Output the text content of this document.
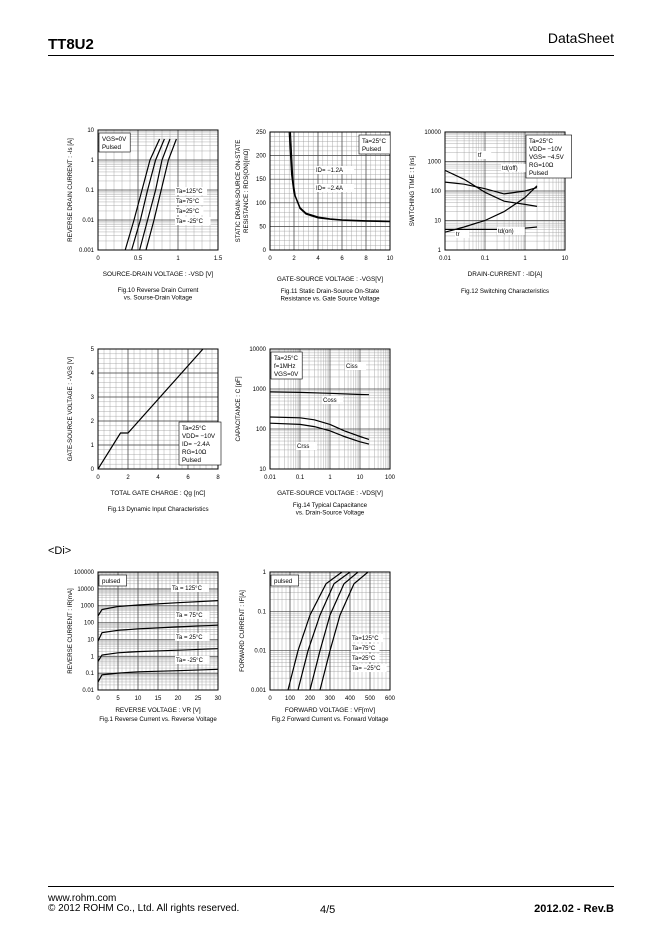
TT8U2	DataSheet
<Di>
0	0.5	1	1.5
0.001
0.01
0.1
1
10
Ta=125°C
Ta=75°C
Ta=25°C
Ta= -25°C
VGS=0V
Pulsed
SOURCE-DRAIN VOLTAGE : -VSD [V]
REVERSE DRAIN CURRENT : -Is [A]
Fig.10 Reverse Drain Current
vs. Sourse-Drain Voltage
0	2	4	6	8	10
0
50
100
150
200
250
ID= −1.2A
ID= −2.4A
Ta=25°C
Pulsed
GATE-SOURCE VOLTAGE : -VGS[V]
STATIC DRAIN-SOURCE ON-STATE RESISTANCE : RDS(ON)[mΩ]
Fig.11 Static Drain-Source On-State
Resistance vs. Gate Source Voltage
0.01	0.1	1	10
1
10
100
1000
10000
tf
td(off)
tr	td(on)
Ta=25°C
VDD= −10V
VGS= −4.5V
RG=10Ω
Pulsed
DRAIN-CURRENT : -ID[A]
SWITCHING TIME : t [ns]
Fig.12 Switching Characteristics
0	2	4	6	8
0
1
2
3
4
5
Ta=25°C
VDD= −10V
ID= −2.4A
RG=10Ω
Pulsed
TOTAL GATE CHARGE : Qg [nC]
GATE-SOURCE VOLTAGE : -VGS [V]
Fig.13 Dynamic Input Characteristics
0.01	0.1	1	10	100
10
100
1000
10000
Ciss
Coss
Crss
Ta=25°C
f=1MHz
VGS=0V
GATE-SOURCE VOLTAGE : -VDS[V]
CAPACITANCE : C [pF]
Fig.14 Typical Capacitance
vs. Drain-Source Voltage
0	5 10 15 20 25 30
0.01
0.1
1
10
100
1000
10000
100000
Ta = 125°C
Ta = 75°C
Ta = 25°C
Ta= -25°C
pulsed
REVERSE VOLTAGE : VR [V]
REVERSE CURRENT : IR[mA]
Fig.1 Reverse Current vs. Reverse Voltage
0 100 200 300 400 500 600
0.001
0.01
0.1
1
Ta=125°C
Ta=75°C
Ta=25°C
Ta= −25°C
pulsed
FORWARD VOLTAGE : VF[mV]
FORWARD CURRENT : IF[A]
Fig.2 Forward Current vs. Forward Voltage
www.rohm.com
© 2012 ROHM Co., Ltd. All rights reserved.	4/5	2012.02 - Rev.B
